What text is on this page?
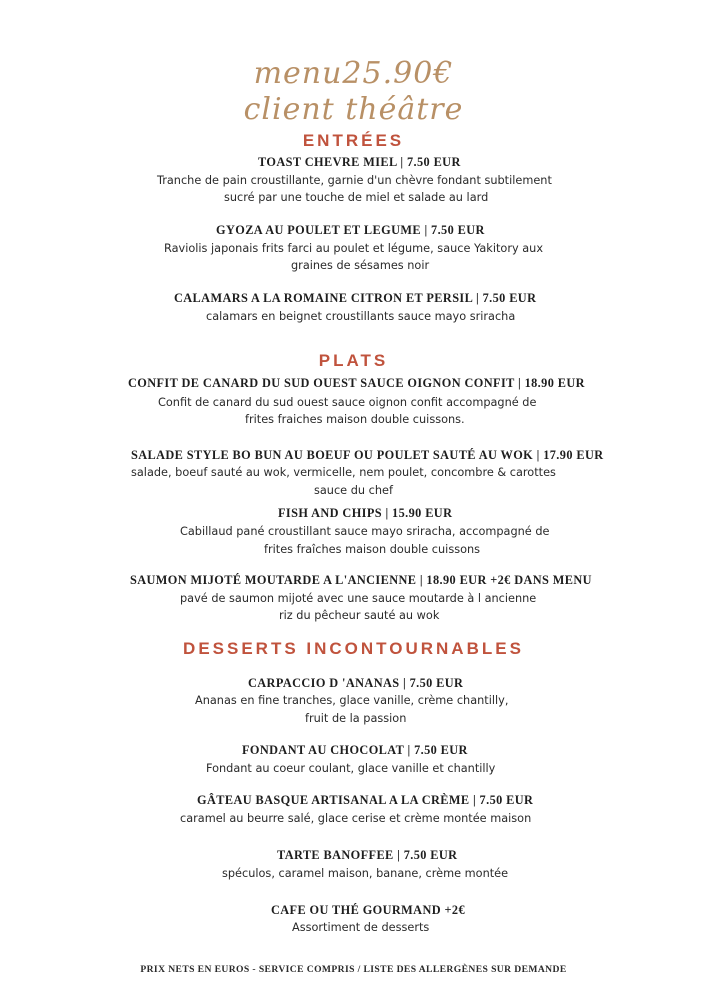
menu25.90€
client théâtre
ENTRÉES
TOAST CHEVRE MIEL | 7.50 EUR
Tranche de pain croustillante, garnie d'un chèvre fondant subtilement
sucré par une touche de miel et salade au lard
GYOZA AU POULET ET LEGUME | 7.50 EUR
Raviolis japonais frits farci au poulet et légume, sauce Yakitory aux
graines de sésames noir
CALAMARS A LA ROMAINE CITRON ET PERSIL | 7.50 EUR
calamars en beignet croustillants sauce mayo sriracha
PLATS
CONFIT DE CANARD DU SUD OUEST SAUCE OIGNON CONFIT | 18.90 EUR
Confit de canard du sud ouest sauce oignon confit accompagné de
frites fraiches maison double cuissons.
SALADE STYLE BO BUN AU BOEUF OU POULET SAUTÉ AU WOK | 17.90 EUR
salade, boeuf sauté au wok, vermicelle, nem poulet, concombre & carottes
sauce du chef
FISH AND CHIPS | 15.90 EUR
Cabillaud pané croustillant sauce mayo sriracha, accompagné de
frites fraîches maison double cuissons
SAUMON MIJOTÉ MOUTARDE A L'ANCIENNE | 18.90 EUR +2€ DANS MENU
pavé de saumon mijoté avec une sauce moutarde à l ancienne
riz du pêcheur sauté au wok
DESSERTS INCONTOURNABLES
CARPACCIO D 'ANANAS | 7.50 EUR
Ananas en fine tranches, glace vanille, crème chantilly,
fruit de la passion
FONDANT AU CHOCOLAT | 7.50 EUR
Fondant au coeur coulant, glace vanille et chantilly
GÂTEAU BASQUE ARTISANAL A LA CRÈME | 7.50 EUR
caramel au beurre salé, glace cerise et crème montée maison
TARTE BANOFFEE | 7.50 EUR
spéculos, caramel maison, banane, crème montée
CAFE OU THÉ GOURMAND +2€
Assortiment de desserts
PRIX NETS EN EUROS - SERVICE COMPRIS / LISTE DES ALLERGÈNES SUR DEMANDE
